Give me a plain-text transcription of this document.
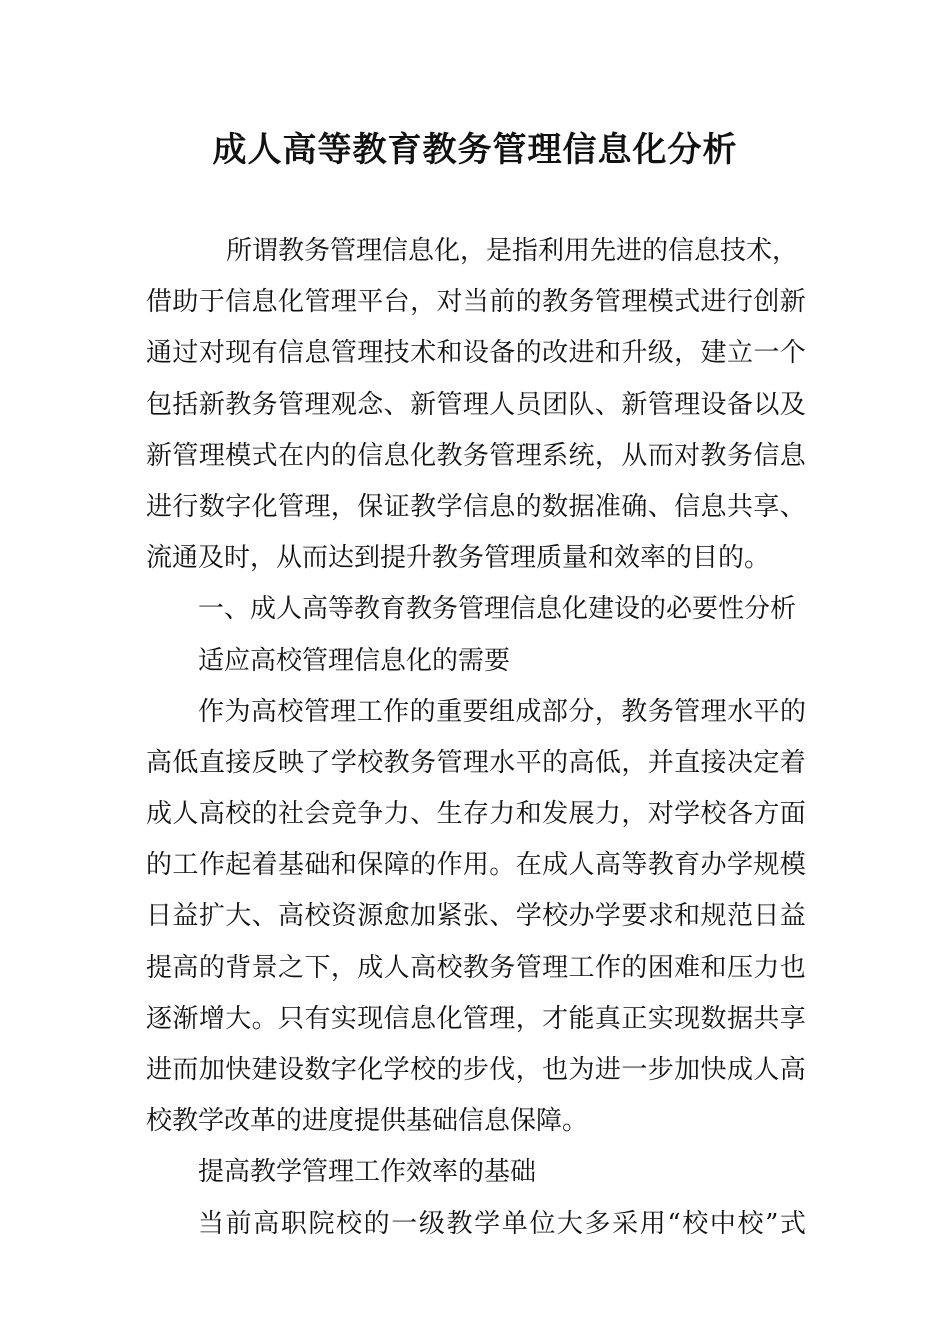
成人高等教育教务管理信息化分析
所谓教务管理信息化，是指利用先进的信息技术，
借 助 于 信 息 化 管 理 平 台 ， 对 当 前 的 教 务 管 理 模 式 进 行 创 新
通 过 对 现 有 信 息 管 理 技 术 和 设 备 的 改 进 和 升 级 ， 建 立 一 个
包 括 新 教 务 管 理 观 念 、 新 管 理 人 员 团 队 、 新 管 理 设 备 以 及
新 管 理 模 式 在 内 的 信 息 化 教 务 管 理 系 统 ， 从 而 对 教 务 信 息
进 行 数 字 化 管 理 ， 保 证 教 学 信 息 的 数 据 准 确 、 信 息 共 享 、
流通及时，从而达到提升教务管理质量和效率的目的。
一、成人高等教育教务管理信息化建设的必要性分析
适应高校管理信息化的需要
作 为 高 校 管 理 工 作 的 重 要 组 成 部 分 ， 教 务 管 理 水 平 的
高 低 直 接 反 映 了 学 校 教 务 管 理 水 平 的 高 低 ， 并 直 接 决 定 着
成 人 高 校 的 社 会 竞 争 力 、 生 存 力 和 发 展 力 ， 对 学 校 各 方 面
的 工 作 起 着 基 础 和 保 障 的 作 用 。 在 成 人 高 等 教 育 办 学 规 模
日 益 扩 大 、 高 校 资 源 愈 加 紧 张 、 学 校 办 学 要 求 和 规 范 日 益
提 高 的 背 景 之 下 ， 成 人 高 校 教 务 管 理 工 作 的 困 难 和 压 力 也
逐 渐 增 大 。 只 有 实 现 信 息 化 管 理 ， 才 能 真 正 实 现 数 据 共 享
进 而 加 快 建 设 数 字 化 学 校 的 步 伐 ， 也 为 进 一 步 加 快 成 人 高
校教学改革的进度提供基础信息保障。
提高教学管理工作效率的基础
当 前 高 职 院 校 的 一 级 教 学 单 位 大 多 采 用 “ 校 中 校 ” 式
